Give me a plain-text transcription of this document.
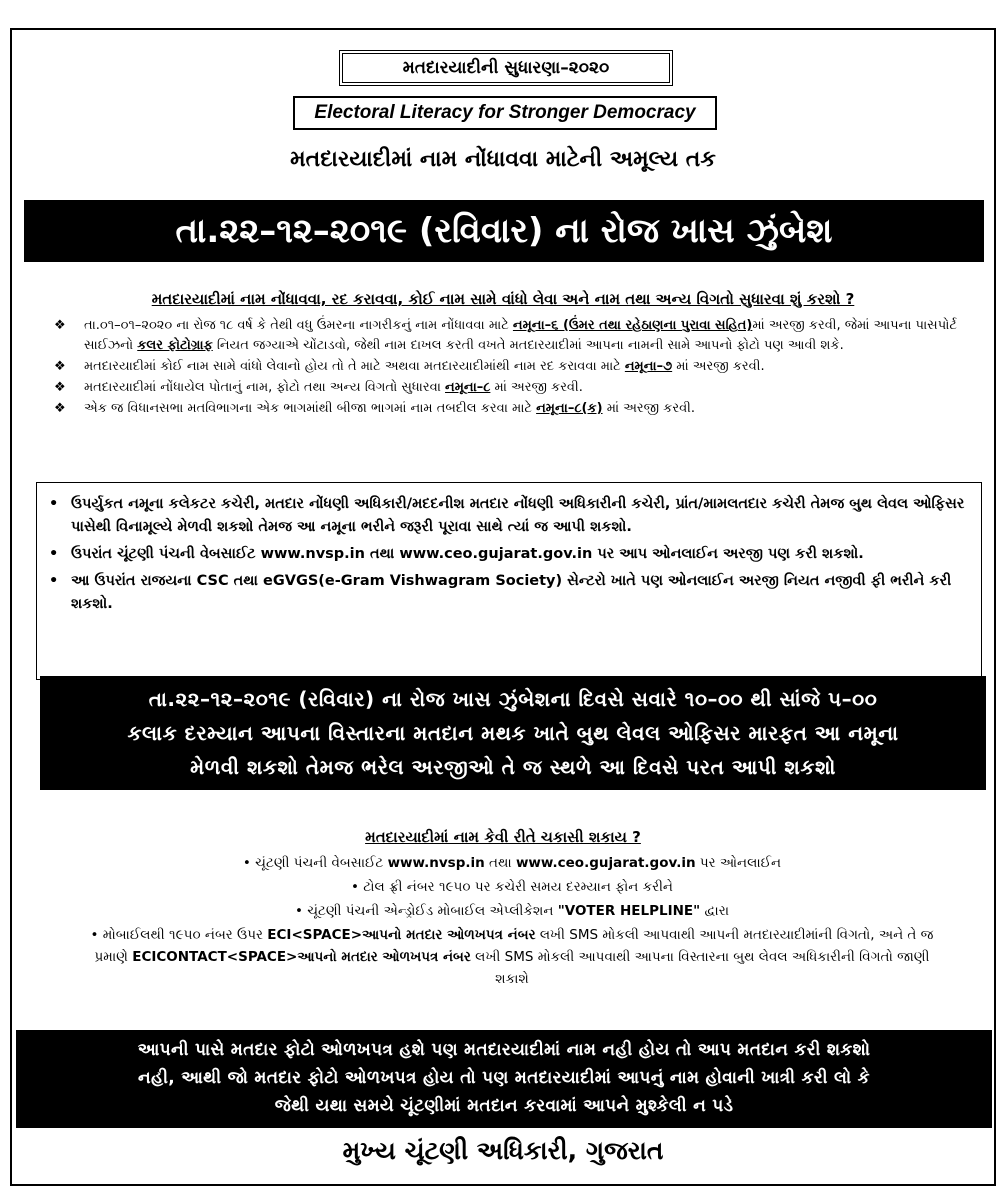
મતદારયાદીની સુધારણા–૨૦૨૦
Electoral Literacy for Stronger Democracy
મતદારયાદીમાં નામ નોંધાવવા માટેની અમૂલ્ય તક
તા.૨૨–૧૨–૨૦૧૯ (રવિવાર) ના રોજ ખાસ ઝુંબેશ
મતદારયાદીમાં નામ નોંધાવવા, રદ કરાવવા, કોઈ નામ સામે વાંધો લેવા અને નામ તથા અન્ય વિગતો સુધારવા શું કરશો ?
❖ તા.૦૧–૦૧–૨૦૨૦ ના રોજ ૧૮ વર્ષ કે તેથી વધુ ઉંમરના નાગરીકનું નામ નોંધાવવા માટે નમૂના–૬ (ઉંમર તથા રહેઠાણના પુરાવા સહિત)માં અરજી કરવી, જેમાં આપના પાસપોર્ટ સાઈઝનો કલર ફોટોગ્રાફ નિયત જગ્યાએ ચોંટાડવો, જેથી નામ દાખલ કરતી વખતે મતદારયાદીમાં આપના નામની સામે આપનો ફોટો પણ આવી શકે.
❖ મતદારયાદીમાં કોઈ નામ સામે વાંધો લેવાનો હોય તો તે માટે અથવા મતદારયાદીમાંથી નામ રદ કરાવવા માટે નમૂના–૭ માં અરજી કરવી.
❖ મતદારયાદીમાં નોંધાયેલ પોતાનું નામ, ફોટો તથા અન્ય વિગતો સુધારવા નમૂના–૮ માં અરજી કરવી.
❖ એક જ વિધાનસભા મતવિભાગના એક ભાગમાંથી બીજા ભાગમાં નામ તબદીલ કરવા માટે નમૂના–૮(ક) માં અરજી કરવી.
• ઉપર્યુકત નમૂના કલેકટર કચેરી, મતદાર નોંધણી અધિકારી/મદદનીશ મતદાર નોંધણી અધિકારીની કચેરી, પ્રાંત/મામલતદાર કચેરી તેમજ બુથ લેવલ ઓફિસર પાસેથી વિનામૂલ્યે મેળવી શકશો તેમજ આ નમૂના ભરીને જરૂરી પૂરાવા સાથે ત્યાં જ આપી શકશો.
• ઉપરાંત ચૂંટણી પંચની વેબસાઈટ www.nvsp.in તથા www.ceo.gujarat.gov.in પર આપ ઓનલાઈન અરજી પણ કરી શકશો.
• આ ઉપરાંત રાજયના CSC તથા eGVGS(e-Gram Vishwagram Society) સેન્ટરો ખાતે પણ ઓનલાઈન અરજી નિયત નજીવી ફી ભરીને કરી શકશો.
તા.૨૨–૧૨–૨૦૧૯ (રવિવાર) ના રોજ ખાસ ઝુંબેશના દિવસે સવારે ૧૦–૦૦ થી સાંજે ૫–૦૦
કલાક દરમ્યાન આપના વિસ્તારના મતદાન મથક ખાતે બુથ લેવલ ઓફિસર મારફત આ નમૂના
મેળવી શકશો તેમજ ભરેલ અરજીઓ તે જ સ્થળે આ દિવસે પરત આપી શકશો
મતદારયાદીમાં નામ કેવી રીતે ચકાસી શકાય ?
• ચૂંટણી પંચની વેબસાઈટ www.nvsp.in તથા www.ceo.gujarat.gov.in પર ઓનલાઈન
• ટોલ ફ્રી નંબર ૧૯૫૦ પર કચેરી સમય દરમ્યાન ફોન કરીને
• ચૂંટણી પંચની એન્ડ્રોઈડ મોબાઈલ એપ્લીકેશન "VOTER HELPLINE" દ્વારા
• મોબાઈલથી ૧૯૫૦ નંબર ઉપર ECI<SPACE>આપનો મતદાર ઓળખપત્ર નંબર લખી SMS મોકલી આપવાથી આપની મતદારયાદીમાંની વિગતો, અને તે જ પ્રમાણે ECICONTACT<SPACE>આપનો મતદાર ઓળખપત્ર નંબર લખી SMS મોકલી આપવાથી આપના વિસ્તારના બુથ લેવલ અધિકારીની વિગતો જાણી શકાશે
આપની પાસે મતદાર ફોટો ઓળખપત્ર હશે પણ મતદારયાદીમાં નામ નહી હોય તો આપ મતદાન કરી શકશો
નહી, આથી જો મતદાર ફોટો ઓળખપત્ર હોય તો પણ મતદારયાદીમાં આપનું નામ હોવાની ખાત્રી કરી લો કે
જેથી યથા સમયે ચૂંટણીમાં મતદાન કરવામાં આપને મુશ્કેલી ન પડે
મુખ્ય ચૂંટણી અધિકારી, ગુજરાત
